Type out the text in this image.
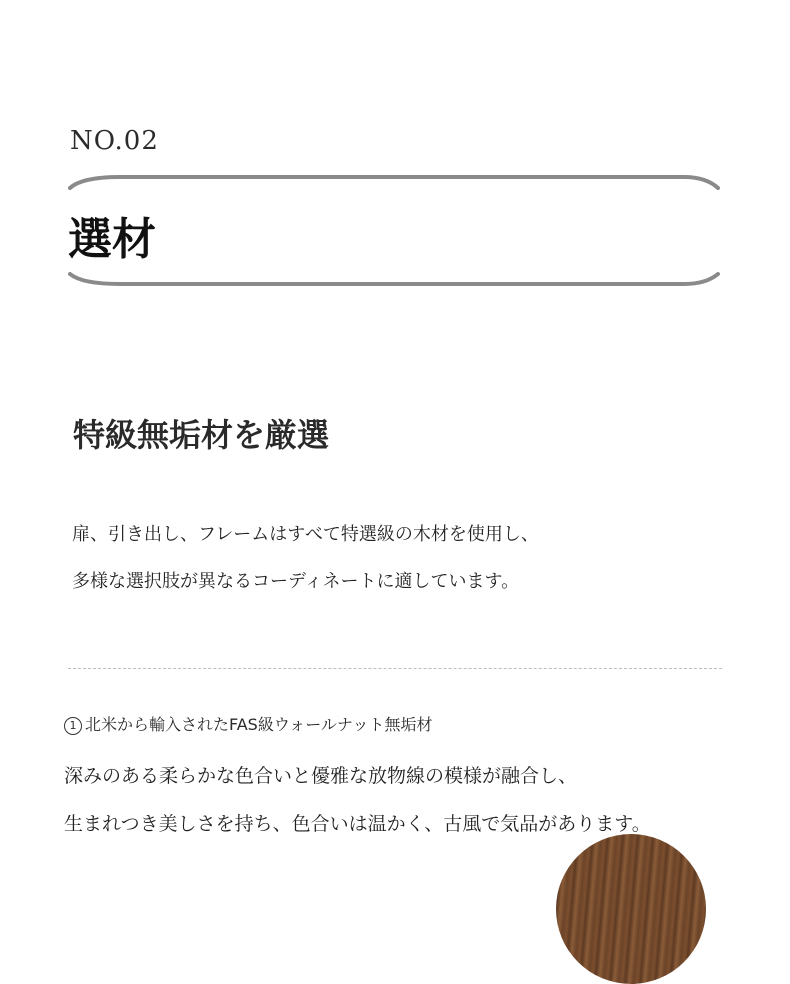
NO.02
選材
特級無垢材を厳選
扉、引き出し、フレームはすべて特選級の木材を使用し、
多様な選択肢が異なるコーディネートに適しています。
1 北米から輸入されたFAS級ウォールナット無垢材
深みのある柔らかな色合いと優雅な放物線の模様が融合し、
生まれつき美しさを持ち、色合いは温かく、古風で気品があります。
